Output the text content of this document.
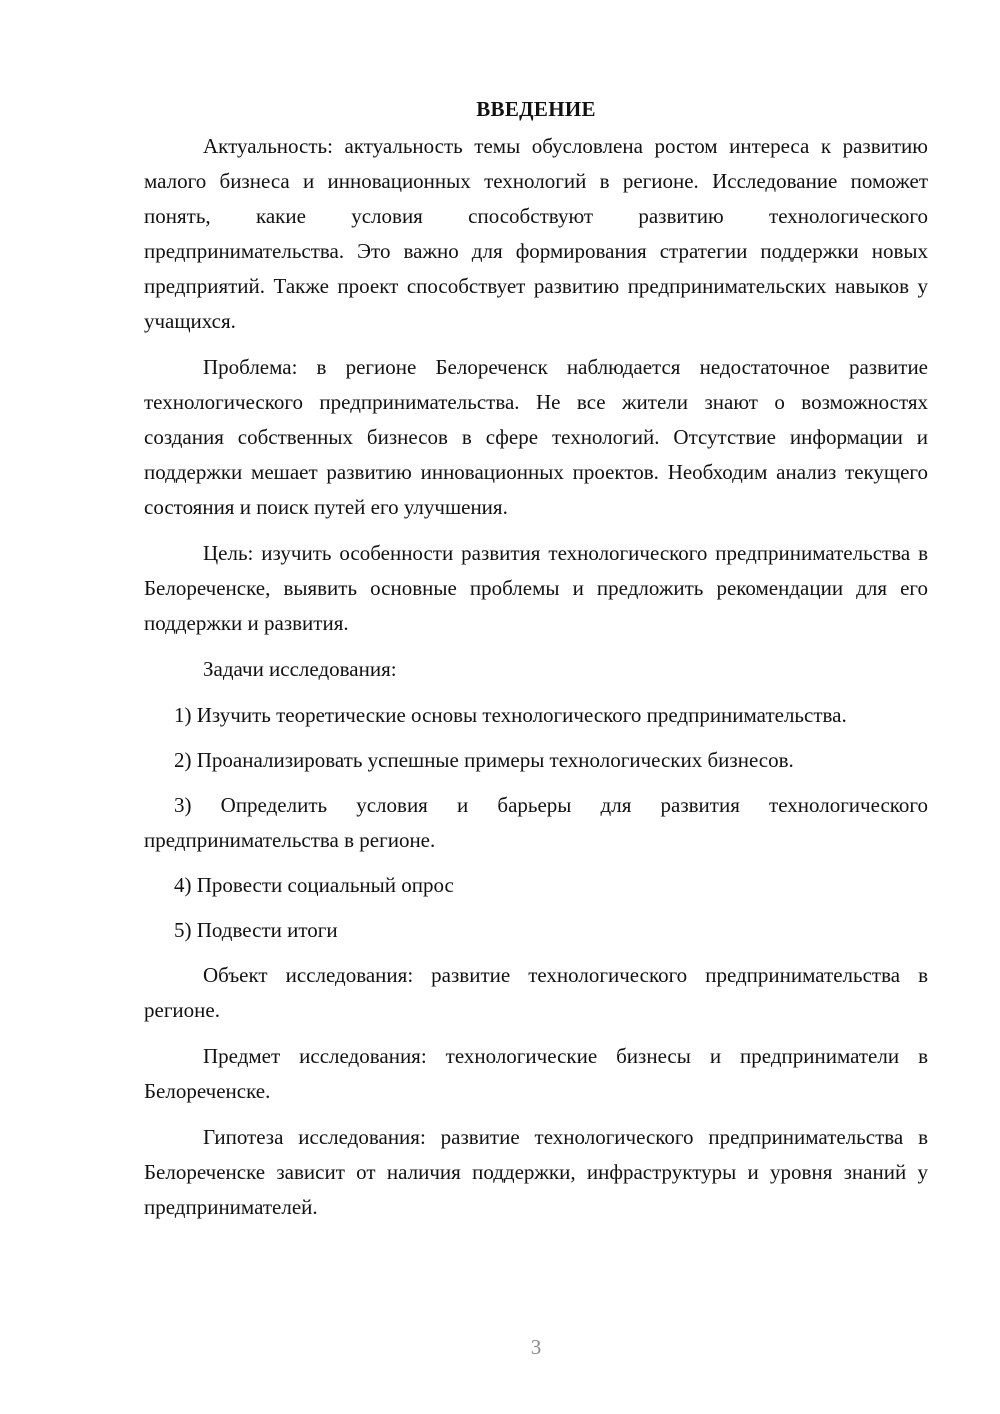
ВВЕДЕНИЕ

Актуальность: актуальность темы обусловлена ростом интереса к развитию малого бизнеса и инновационных технологий в регионе. Исследование поможет понять, какие условия способствуют развитию технологического предпринимательства. Это важно для формирования стратегии поддержки новых предприятий. Также проект способствует развитию предпринимательских навыков у учащихся.

Проблема: в регионе Белореченск наблюдается недостаточное развитие технологического предпринимательства. Не все жители знают о возможностях создания собственных бизнесов в сфере технологий. Отсутствие информации и поддержки мешает развитию инновационных проектов. Необходим анализ текущего состояния и поиск путей его улучшения.

Цель: изучить особенности развития технологического предпринимательства в Белореченске, выявить основные проблемы и предложить рекомендации для его поддержки и развития.

Задачи исследования:

1) Изучить теоретические основы технологического предпринимательства.

2) Проанализировать успешные примеры технологических бизнесов.

3) Определить условия и барьеры для развития технологического предпринимательства в регионе.

4) Провести социальный опрос

5) Подвести итоги

Объект исследования: развитие технологического предпринимательства в регионе.

Предмет исследования: технологические бизнесы и предприниматели в Белореченске.

Гипотеза исследования: развитие технологического предпринимательства в Белореченске зависит от наличия поддержки, инфраструктуры и уровня знаний у предпринимателей.

3
